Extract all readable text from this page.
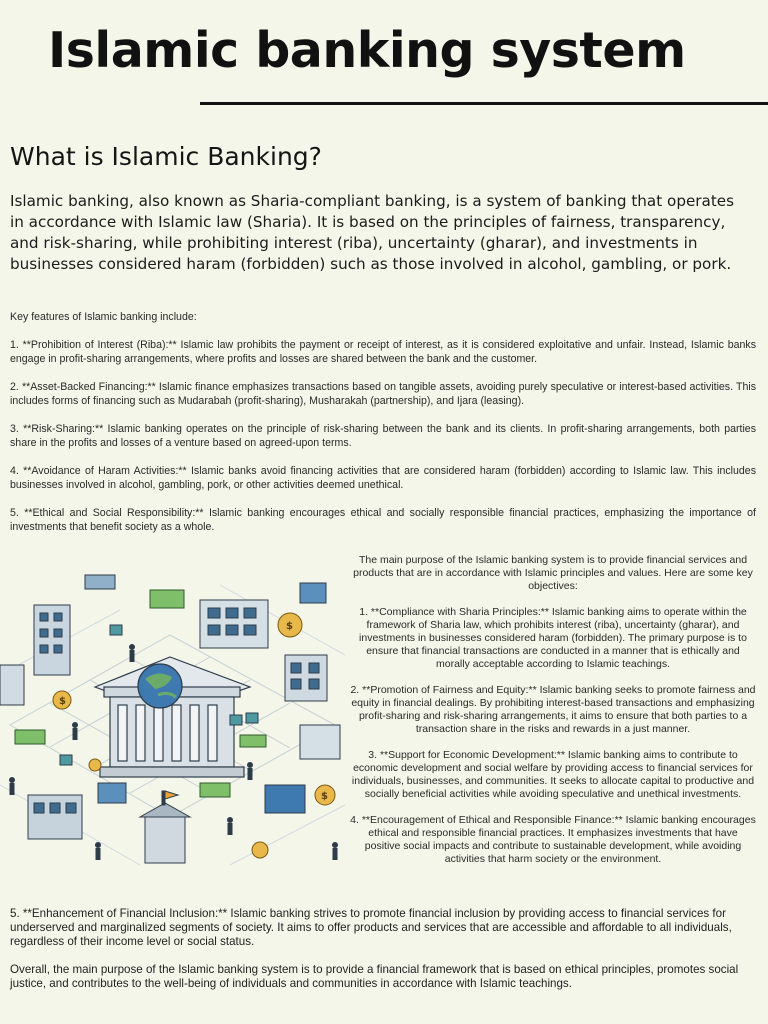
Islamic banking system
What is Islamic Banking?

Islamic banking, also known as Sharia-compliant banking, is a system of banking that operates in accordance with Islamic law (Sharia). It is based on the principles of fairness, transparency, and risk-sharing, while prohibiting interest (riba), uncertainty (gharar), and investments in businesses considered haram (forbidden) such as those involved in alcohol, gambling, or pork.

Key features of Islamic banking include:

1. **Prohibition of Interest (Riba):** Islamic law prohibits the payment or receipt of interest, as it is considered exploitative and unfair. Instead, Islamic banks engage in profit-sharing arrangements, where profits and losses are shared between the bank and the customer.

2. **Asset-Backed Financing:** Islamic finance emphasizes transactions based on tangible assets, avoiding purely speculative or interest-based activities. This includes forms of financing such as Mudarabah (profit-sharing), Musharakah (partnership), and Ijara (leasing).

3. **Risk-Sharing:** Islamic banking operates on the principle of risk-sharing between the bank and its clients. In profit-sharing arrangements, both parties share in the profits and losses of a venture based on agreed-upon terms.

4. **Avoidance of Haram Activities:** Islamic banks avoid financing activities that are considered haram (forbidden) according to Islamic law. This includes businesses involved in alcohol, gambling, pork, or other activities deemed unethical.

5. **Ethical and Social Responsibility:** Islamic banking encourages ethical and socially responsible financial practices, emphasizing the importance of investments that benefit society as a whole.

$
$
$

The main purpose of the Islamic banking system is to provide financial services and products that are in accordance with Islamic principles and values. Here are some key objectives:

1. **Compliance with Sharia Principles:** Islamic banking aims to operate within the framework of Sharia law, which prohibits interest (riba), uncertainty (gharar), and investments in businesses considered haram (forbidden). The primary purpose is to ensure that financial transactions are conducted in a manner that is ethically and morally acceptable according to Islamic teachings.

2. **Promotion of Fairness and Equity:** Islamic banking seeks to promote fairness and equity in financial dealings. By prohibiting interest-based transactions and emphasizing profit-sharing and risk-sharing arrangements, it aims to ensure that both parties to a transaction share in the risks and rewards in a just manner.

3. **Support for Economic Development:** Islamic banking aims to contribute to economic development and social welfare by providing access to financial services for individuals, businesses, and communities. It seeks to allocate capital to productive and socially beneficial activities while avoiding speculative and unethical investments.

4. **Encouragement of Ethical and Responsible Finance:** Islamic banking encourages ethical and responsible financial practices. It emphasizes investments that have positive social impacts and contribute to sustainable development, while avoiding activities that harm society or the environment.

5. **Enhancement of Financial Inclusion:** Islamic banking strives to promote financial inclusion by providing access to financial services for underserved and marginalized segments of society. It aims to offer products and services that are accessible and affordable to all individuals, regardless of their income level or social status.

Overall, the main purpose of the Islamic banking system is to provide a financial framework that is based on ethical principles, promotes social justice, and contributes to the well-being of individuals and communities in accordance with Islamic teachings.
